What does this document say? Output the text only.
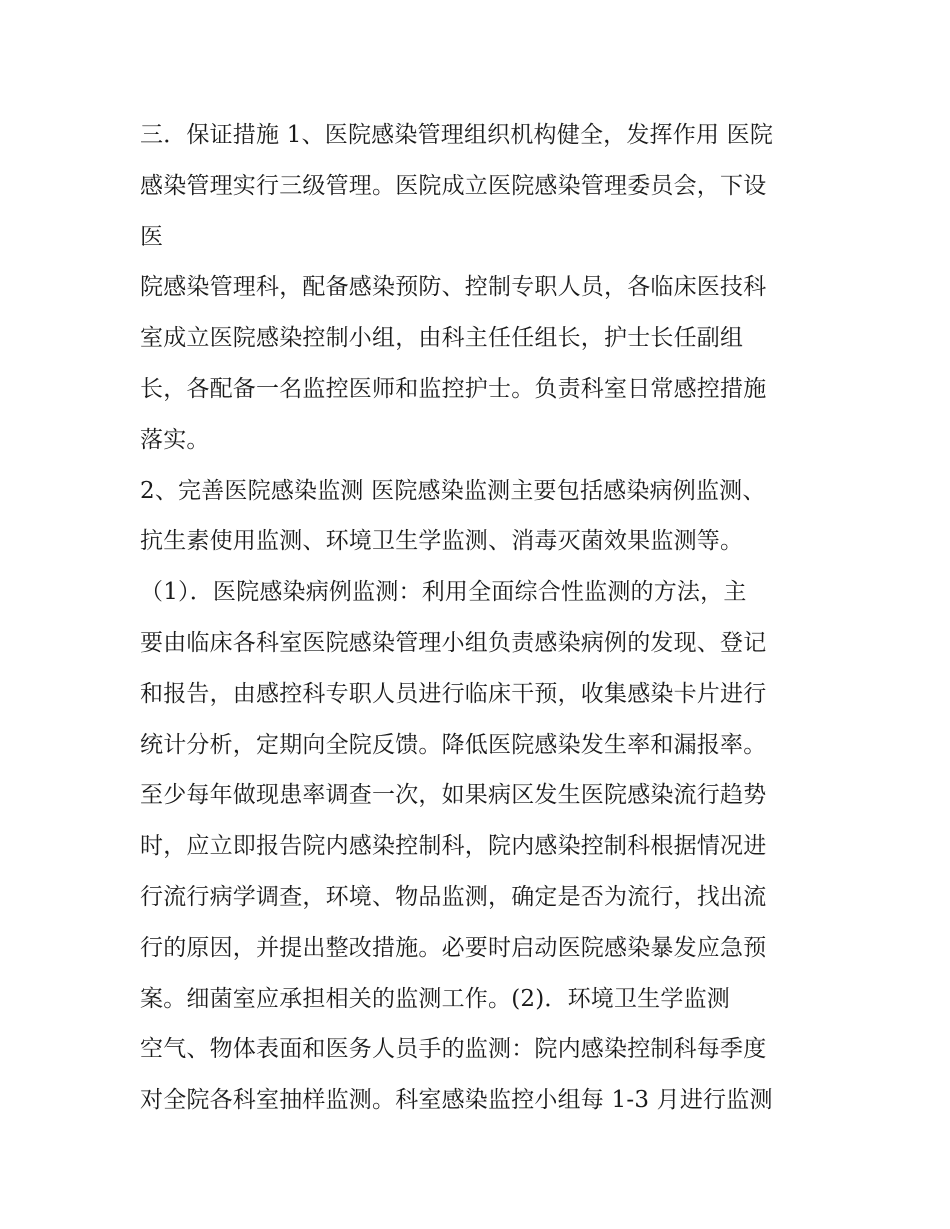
三．保证措施 1、医院感染管理组织机构健全，发挥作用 医院
感染管理实行三级管理。医院成立医院感染管理委员会，下设
医
院感染管理科，配备感染预防、控制专职人员，各临床医技科
室成立医院感染控制小组，由科主任任组长，护士长任副组
长，各配备一名监控医师和监控护士。负责科室日常感控措施
落实。
2、完善医院感染监测 医院感染监测主要包括感染病例监测、
抗生素使用监测、环境卫生学监测、消毒灭菌效果监测等。
（1）．医院感染病例监测：利用全面综合性监测的方法，主
要由临床各科室医院感染管理小组负责感染病例的发现、登记
和报告，由感控科专职人员进行临床干预，收集感染卡片进行
统计分析，定期向全院反馈。降低医院感染发生率和漏报率。
至少每年做现患率调查一次，如果病区发生医院感染流行趋势
时，应立即报告院内感染控制科，院内感染控制科根据情况进
行流行病学调查，环境、物品监测，确定是否为流行，找出流
行的原因，并提出整改措施。必要时启动医院感染暴发应急预
案。细菌室应承担相关的监测工作。(2)．环境卫生学监测
空气、物体表面和医务人员手的监测：院内感染控制科每季度
对全院各科室抽样监测。科室感染监控小组每 1-3 月进行监测
